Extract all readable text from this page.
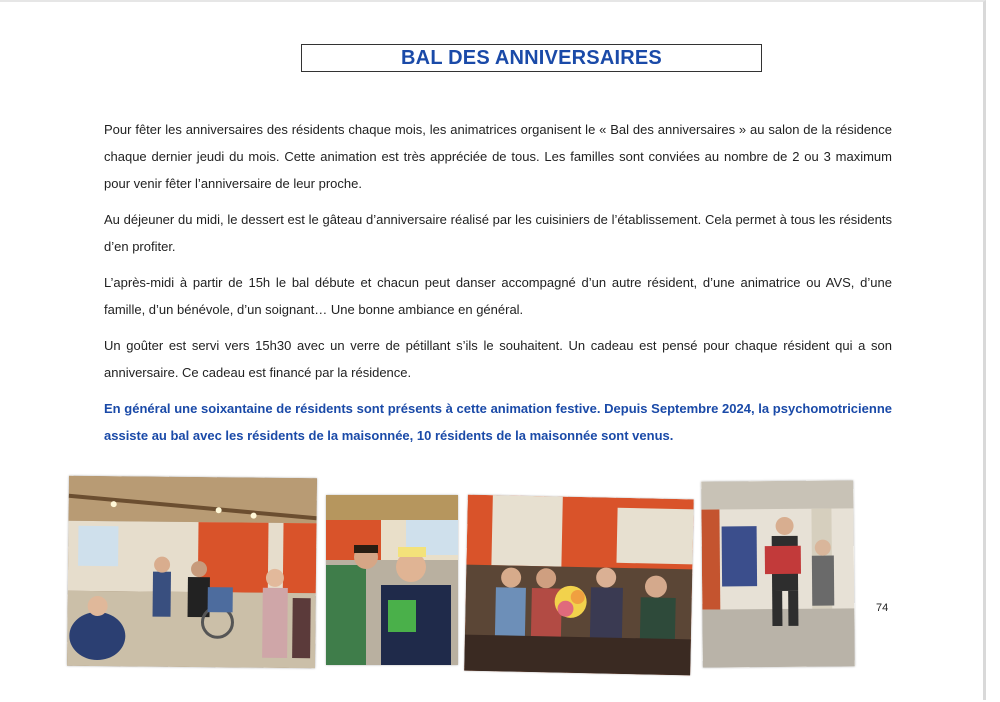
BAL DES ANNIVERSAIRES

Pour fêter les anniversaires des résidents chaque mois, les animatrices organisent le « Bal des anniversaires » au salon de la résidence chaque dernier jeudi du mois. Cette animation est très appréciée de tous. Les familles sont conviées au nombre de 2 ou 3 maximum pour venir fêter l’anniversaire de leur proche.

Au déjeuner du midi, le dessert est le gâteau d’anniversaire réalisé par les cuisiniers de l’établissement. Cela permet à tous les résidents d’en profiter.

L’après-midi à partir de 15h le bal débute et chacun peut danser accompagné d’un autre résident, d’une animatrice ou AVS, d’une famille, d’un bénévole, d’un soignant… Une bonne ambiance en général.

Un goûter est servi vers 15h30 avec un verre de pétillant s’ils le souhaitent. Un cadeau est pensé pour chaque résident qui a son anniversaire. Ce cadeau est financé par la résidence.

En général une soixantaine de résidents sont présents à cette animation festive. Depuis Septembre 2024, la psychomotricienne assiste au bal avec les résidents de la maisonnée, 10 résidents de la maisonnée sont venus.

74
